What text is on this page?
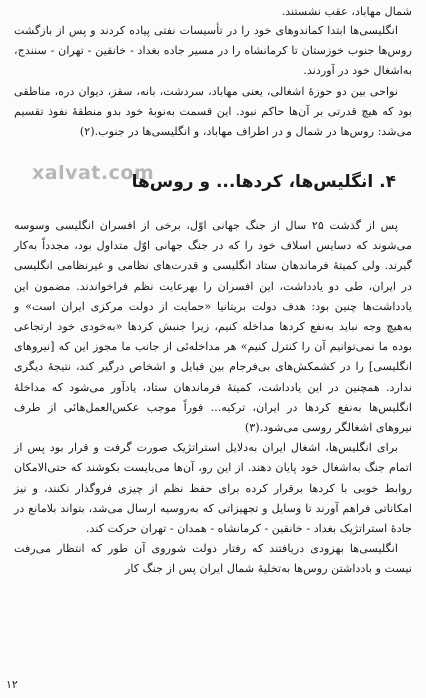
شمال مهاباد، عقب نشستند.

انگلیسی‌ها ابتدا کماندوهای خود را در تأسیسات نفتی پیاده کردند و پس از بازگشت روس‌ها جنوب خوزستان تا کرمانشاه را در مسیر جاده بغداد - خانقین - تهران - سنندج، به‌اشغال خود در آوردند.

نواحی بین دو حوزهٔ اشغالی، یعنی مهاباد، سردشت، بانه، سقز، دیوان دره، مناطقی بود که هیچ قدرتی بر آن‌ها حاکم نبود. این قسمت به‌نوبهٔ خود بدو منطقهٔ نفوذ تقسیم می‌شد: روس‌ها در شمال و در اطراف مهاباد، و انگلیسی‌ها در جنوب.(۲)

xalvat.com
۴. انگلیس‌ها، کردها... و روس‌ها

پس از گذشت ۲۵ سال از جنگ جهانی اوّل، برخی از افسران انگلیسی وسوسه می‌شوند که دسایس اسلاف خود را که در جنگ جهانی اوّل متداول بود، مجدداً به‌کار گیرند. ولی کمیتهٔ فرماندهان ستاد انگلیسی و قدرت‌های نظامی و غیرنظامی انگلیسی در ایران، طی دو یادداشت، این افسران را بهرعایت نظم فراخواندند. مضمون این یادداشت‌ها چنین بود: هدف دولت بریتانیا «حمایت از دولت مرکزی ایران است» و به‌هیچ وجه نباید به‌نفع کردها مداخله کنیم، زیرا جنبش کردها «به‌خودی خود ارتجاعی بوده ما نمی‌توانیم آن را کنترل کنیم» هر مداخله‌ئی از جانب ما مجوز این که [نیروهای انگلیسی] را در کشمکش‌های بی‌فرجام بین قبایل و اشخاص درگیر کند، نتیجهٔ دیگری ندارد. همچنین در این یادداشت، کمیتهٔ فرماندهان ستاد، یادآور می‌شود که مداخلهٔ انگلیس‌ها به‌نفع کردها در ایران، ترکیه... فوراً موجب عکس‌العمل‌هائی از طرف نیروهای اشغالگر روسی می‌شود.(۳)

برای انگلیس‌ها، اشغال ایران به‌دلایل استراتژیک صورت گرفت و قرار بود پس از اتمام جنگ به‌اشغال خود پایان دهند. از این رو، آن‌ها می‌بایست بکوشند که حتی‌الامکان روابط خوبی با کردها برقرار کرده برای حفظ نظم از چیزی فروگذار نکنند، و نیز امکاناتی فراهم آورند تا وسایل و تجهیزاتی که به‌روسیه ارسال می‌شد، بتواند بلامانع در جادهٔ استراتژیک بغداد - خانقین - کرمانشاه - همدان - تهران حرکت کند.

انگلیسی‌ها بهزودی دریافتند که رفتار دولت شوروی آن طور که انتظار می‌رفت نیست و بادداشتن روس‌ها به‌تخلیهٔ شمال ایران پس از جنگ کار

۱۲
